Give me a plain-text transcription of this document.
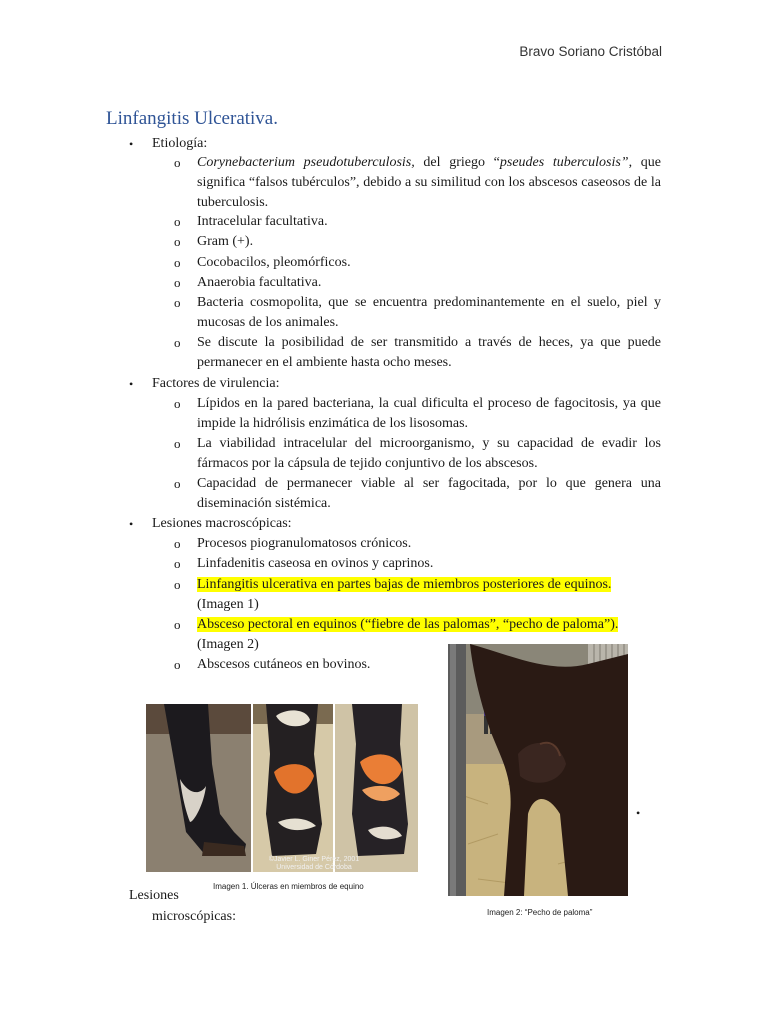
Bravo Soriano Cristóbal
Linfangitis Ulcerativa.
• Etiología:
o Corynebacterium pseudotuberculosis, del griego “pseudes tuberculosis”, que significa “falsos tubérculos”, debido a su similitud con los abscesos caseosos de la tuberculosis.
o Intracelular facultativa.
o Gram (+).
o Cocobacilos, pleomórficos.
o Anaerobia facultativa.
o Bacteria cosmopolita, que se encuentra predominantemente en el suelo, piel y mucosas de los animales.
o Se discute la posibilidad de ser transmitido a través de heces, ya que puede permanecer en el ambiente hasta ocho meses.
• Factores de virulencia:
o Lípidos en la pared bacteriana, la cual dificulta el proceso de fagocitosis, ya que impide la hidrólisis enzimática de los lisosomas.
o La viabilidad intracelular del microorganismo, y su capacidad de evadir los fármacos por la cápsula de tejido conjuntivo de los abscesos.
o Capacidad de permanecer viable al ser fagocitada, por lo que genera una diseminación sistémica.
• Lesiones macroscópicas:
o Procesos piogranulomatosos crónicos.
o Linfadenitis caseosa en ovinos y caprinos.
o Linfangitis ulcerativa en partes bajas de miembros posteriores de equinos.
(Imagen 1)
o Absceso pectoral en equinos (“fiebre de las palomas”, “pecho de paloma”).
(Imagen 2)
o Abscesos cutáneos en bovinos.
©Javier L. Giner Pérez, 2001
Universidad de Córdoba
Imagen 1. Úlceras en miembros de equino
Imagen 2: “Pecho de paloma”
•
Lesiones
microscópicas:
